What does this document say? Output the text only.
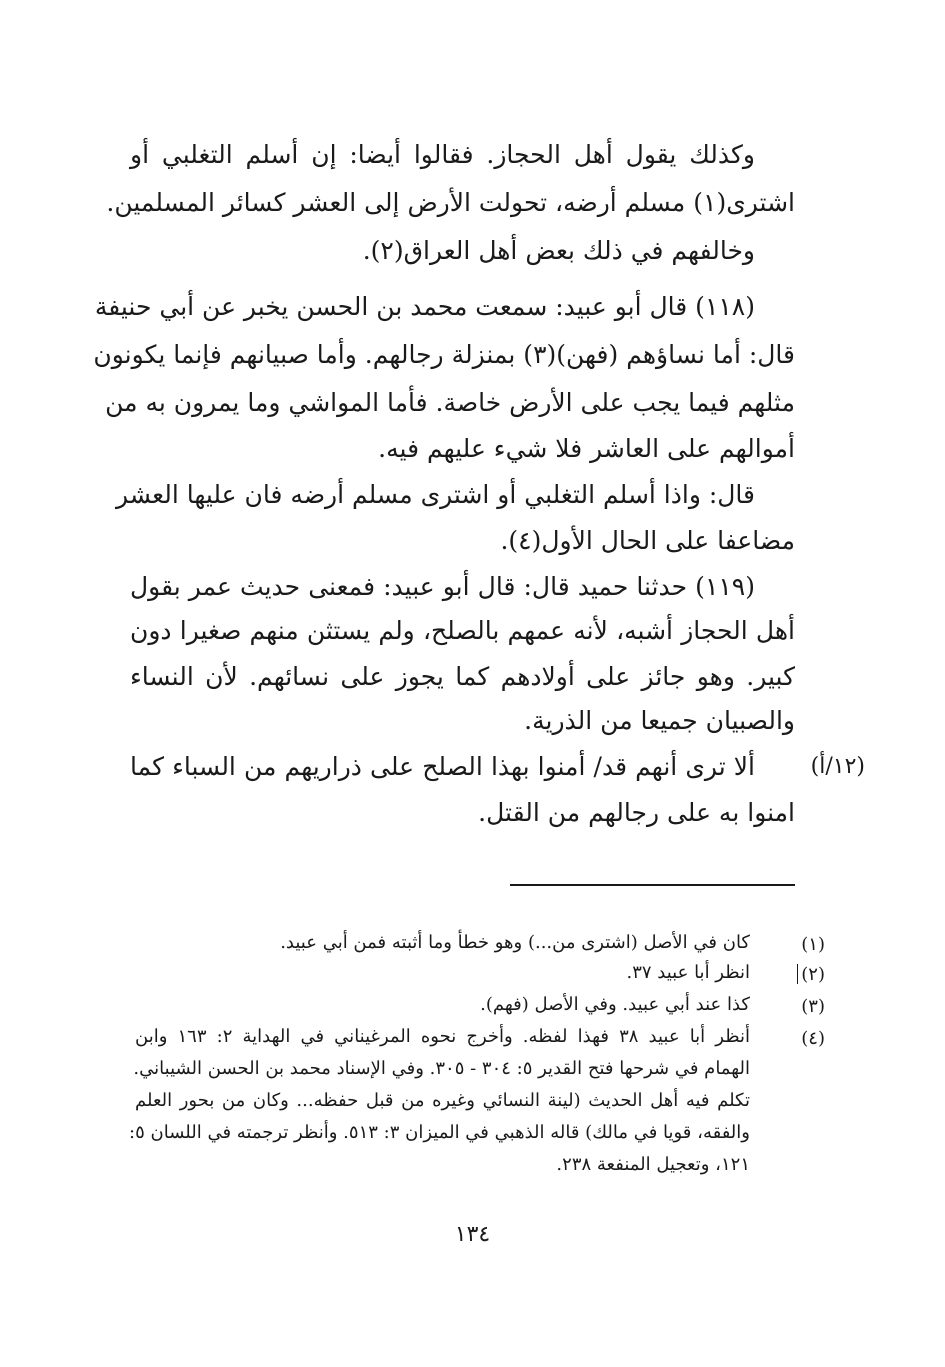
وكذلك يقول أهل الحجاز. فقالوا أيضا: إن أسلم التغلبي أو
اشترى(١) مسلم أرضه، تحولت الأرض إلى العشر كسائر المسلمين.
وخالفهم في ذلك بعض أهل العراق(٢).
(١١٨) قال أبو عبيد: سمعت محمد بن الحسن يخبر عن أبي حنيفة
قال: أما نساؤهم (فهن)(٣) بمنزلة رجالهم. وأما صبيانهم فإنما يكونون
مثلهم فيما يجب على الأرض خاصة. فأما المواشي وما يمرون به من
أموالهم على العاشر فلا شيء عليهم فيه.
قال: واذا أسلم التغلبي أو اشترى مسلم أرضه فان عليها العشر
مضاعفا على الحال الأول(٤).
(١١٩) حدثنا حميد قال: قال أبو عبيد: فمعنى حديث عمر بقول
أهل الحجاز أشبه، لأنه عمهم بالصلح، ولم يستثن منهم صغيرا دون
كبير. وهو جائز على أولادهم كما يجوز على نسائهم. لأن النساء
والصبيان جميعا من الذرية.
(١٢/أ)
ألا ترى أنهم قد/ أمنوا بهذا الصلح على ذراريهم من السباء كما
امنوا به على رجالهم من القتل.
(١)
كان في الأصل (اشترى من...) وهو خطأ وما أثبته فمن أبي عبيد.
(٢)
انظر أبا عبيد ٣٧.
(٣)
كذا عند أبي عبيد. وفي الأصل (فهم).
(٤)
أنظر أبا عبيد ٣٨ فهذا لفظه. وأخرج نحوه المرغيناني في الهداية ٢: ١٦٣ وابن
الهمام في شرحها فتح القدير ٥: ٣٠٤ - ٣٠٥. وفي الإسناد محمد بن الحسن الشيباني.
تكلم فيه أهل الحديث (لينة النسائي وغيره من قبل حفظه... وكان من بحور العلم
والفقه، قويا في مالك) قاله الذهبي في الميزان ٣: ٥١٣. وأنظر ترجمته في اللسان ٥:
١٢١، وتعجيل المنفعة ٢٣٨.
١٣٤
